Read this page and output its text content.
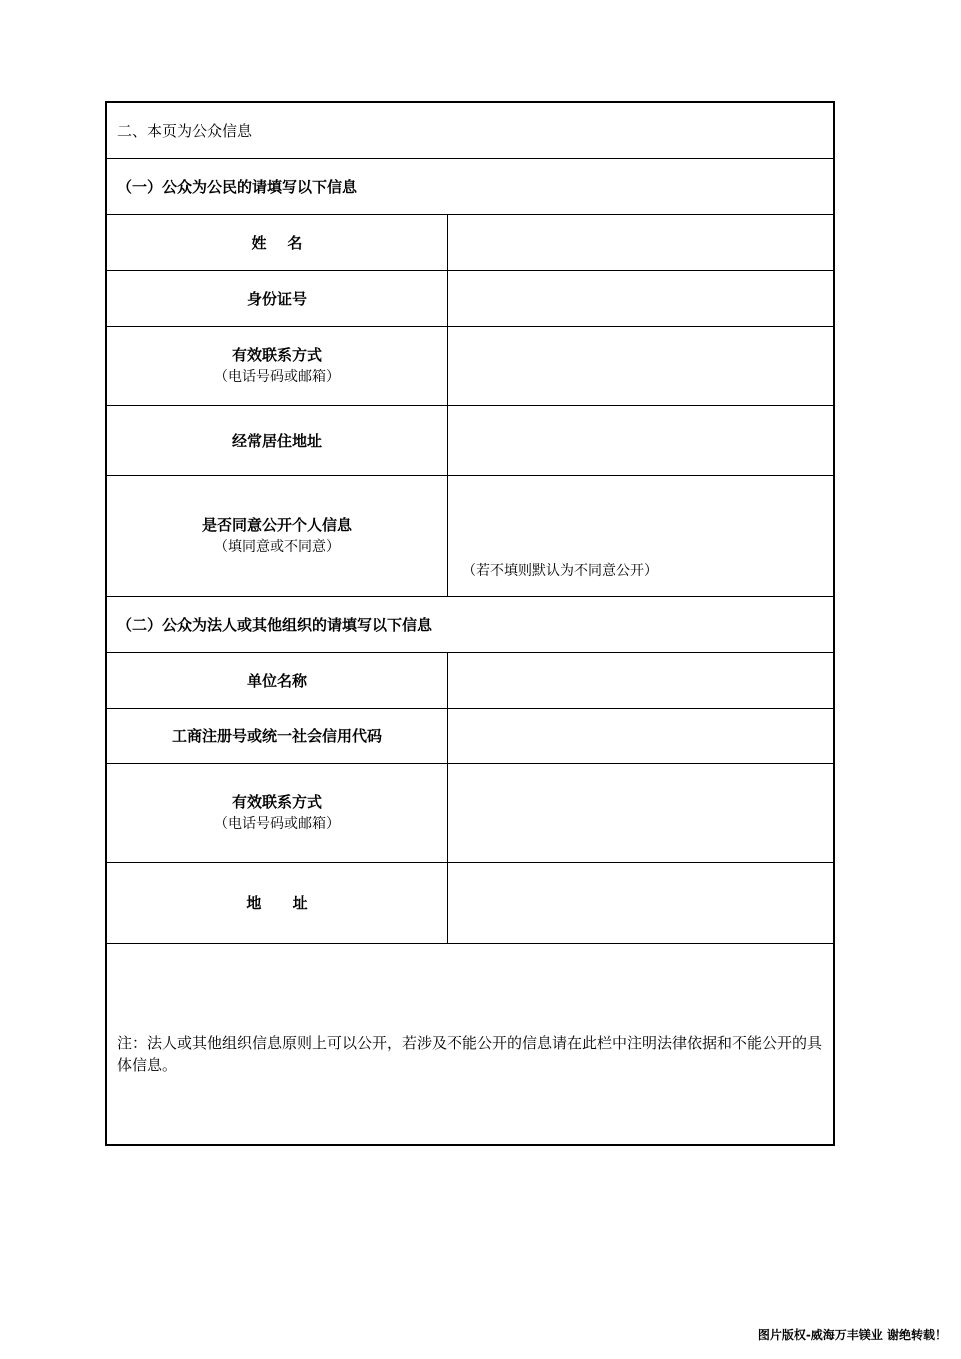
二、本页为公众信息
（一）公众为公民的请填写以下信息
姓    名
身份证号
有效联系方式
（电话号码或邮箱）
经常居住地址
是否同意公开个人信息
（填同意或不同意）
（若不填则默认为不同意公开）
（二）公众为法人或其他组织的请填写以下信息
单位名称
工商注册号或统一社会信用代码
有效联系方式
（电话号码或邮箱）
地      址
注：法人或其他组织信息原则上可以公开，若涉及不能公开的信息请在此栏中注明法律依据和不能公开的具体信息。
图片版权-威海万丰镁业 谢绝转载！
